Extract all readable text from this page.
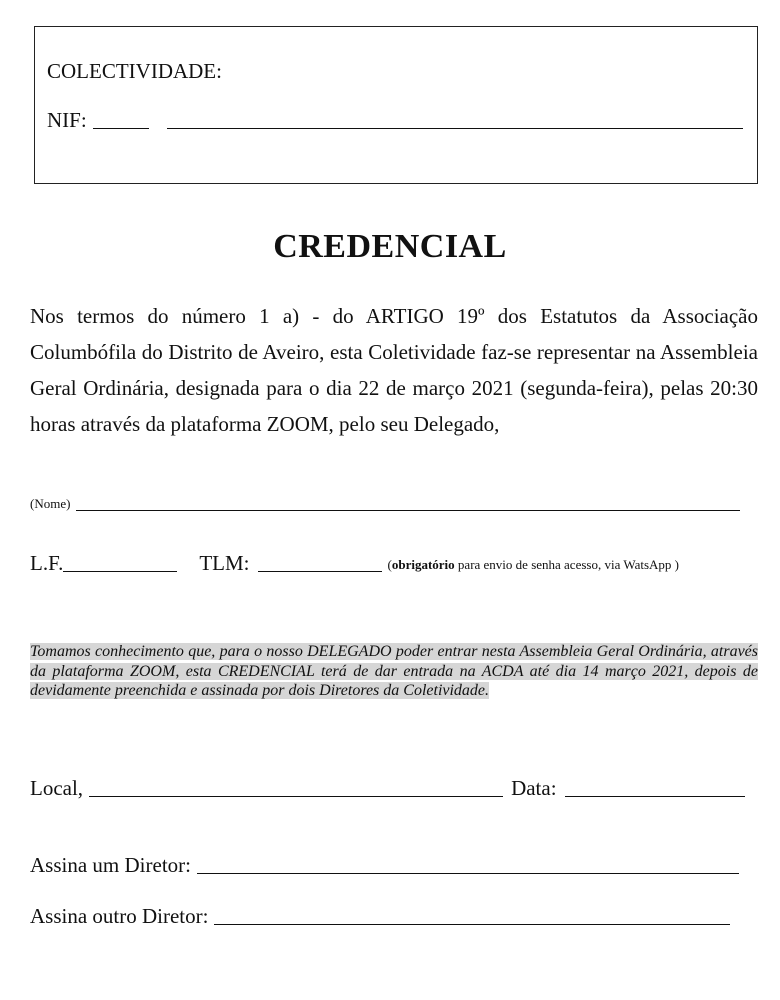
COLECTIVIDADE:
NIF:
CREDENCIAL

Nos termos do número 1 a) - do ARTIGO 19º dos Estatutos da Associação Columbófila do Distrito de Aveiro, esta Coletividade faz-se representar na Assembleia Geral Ordinária, designada para o dia 22 de março 2021 (segunda-feira), pelas 20:30 horas através da plataforma ZOOM, pelo seu Delegado,

(Nome)
L.F.	TLM:	(obrigatório para envio de senha acesso, via WatsApp )

Tomamos conhecimento que, para o nosso DELEGADO poder entrar nesta Assembleia Geral Ordinária, através da plataforma ZOOM, esta CREDENCIAL terá de dar entrada na ACDA até dia 14 março 2021, depois de devidamente preenchida e assinada por dois Diretores da Coletividade.

Local,	Data:
Assina um Diretor:
Assina outro Diretor:
